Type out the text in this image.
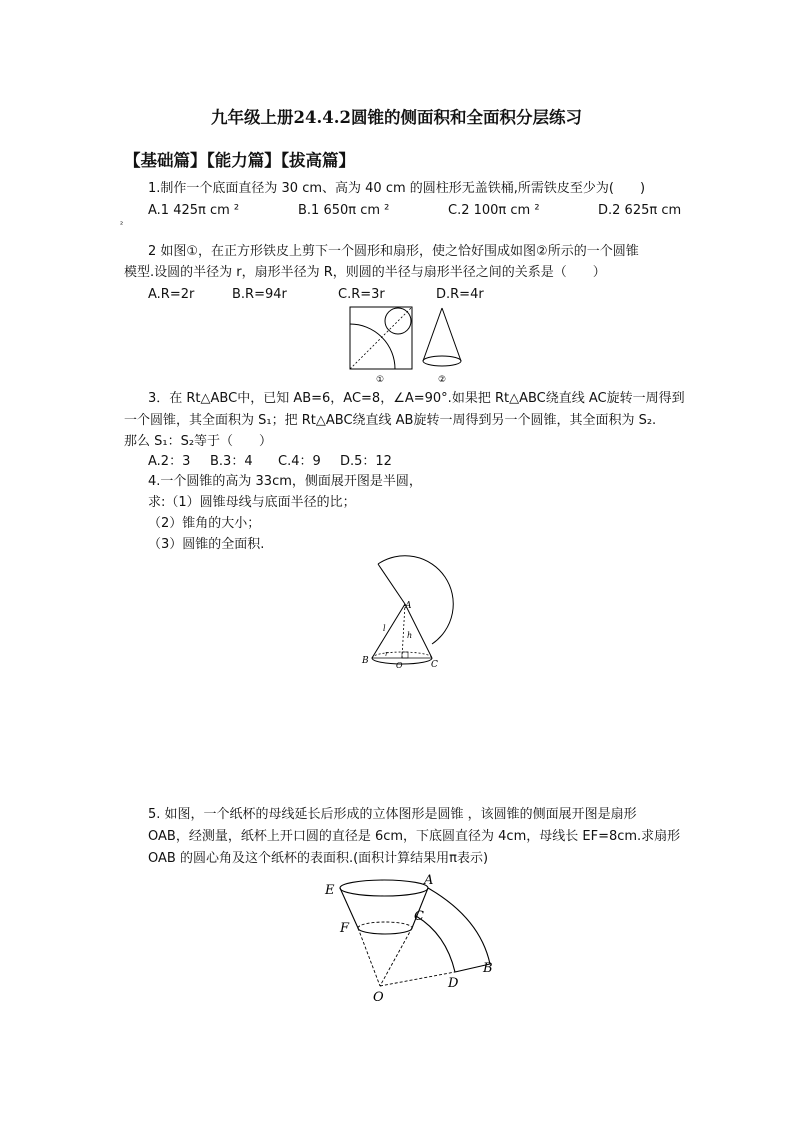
九年级上册24.4.2圆锥的侧面积和全面积分层练习
【基础篇】【能力篇】【拔高篇】
1.制作一个底面直径为 30 cm、高为 40 cm 的圆柱形无盖铁桶,所需铁皮至少为(　　)
A.1 425π cm ²	B.1 650π cm ²	C.2 100π cm ²	D.2 625π cm
²
2 如图①，在正方形铁皮上剪下一个圆形和扇形，使之恰好围成如图②所示的一个圆锥
模型.设圆的半径为 r，扇形半径为 R，则圆的半径与扇形半径之间的关系是（　　）
A.R=2r	B.R=94r	C.R=3r	D.R=4r
①	②
3．在 Rt△ABC中，已知 AB=6，AC=8，∠A=90°.如果把 Rt△ABC绕直线 AC旋转一周得到
一个圆锥，其全面积为 S₁；把 Rt△ABC绕直线 AB旋转一周得到另一个圆锥，其全面积为 S₂.
那么 S₁：S₂等于（　　）
A.2：3 B.3：4 C.4：9 D.5：12
4.一个圆锥的高为 33cm，侧面展开图是半圆，
求:（1）圆锥母线与底面半径的比；
（2）锥角的大小；
（3）圆锥的全面积.
A
B	C
O
l
h
r
5. 如图，一个纸杯的母线延长后形成的立体图形是圆锥 ，该圆锥的侧面展开图是扇形
OAB，经测量，纸杯上开口圆的直径是 6cm，下底圆直径为 4cm，母线长 EF=8cm.求扇形
OAB 的圆心角及这个纸杯的表面积.(面积计算结果用π表示)
E
A
F
C
B
D
O
